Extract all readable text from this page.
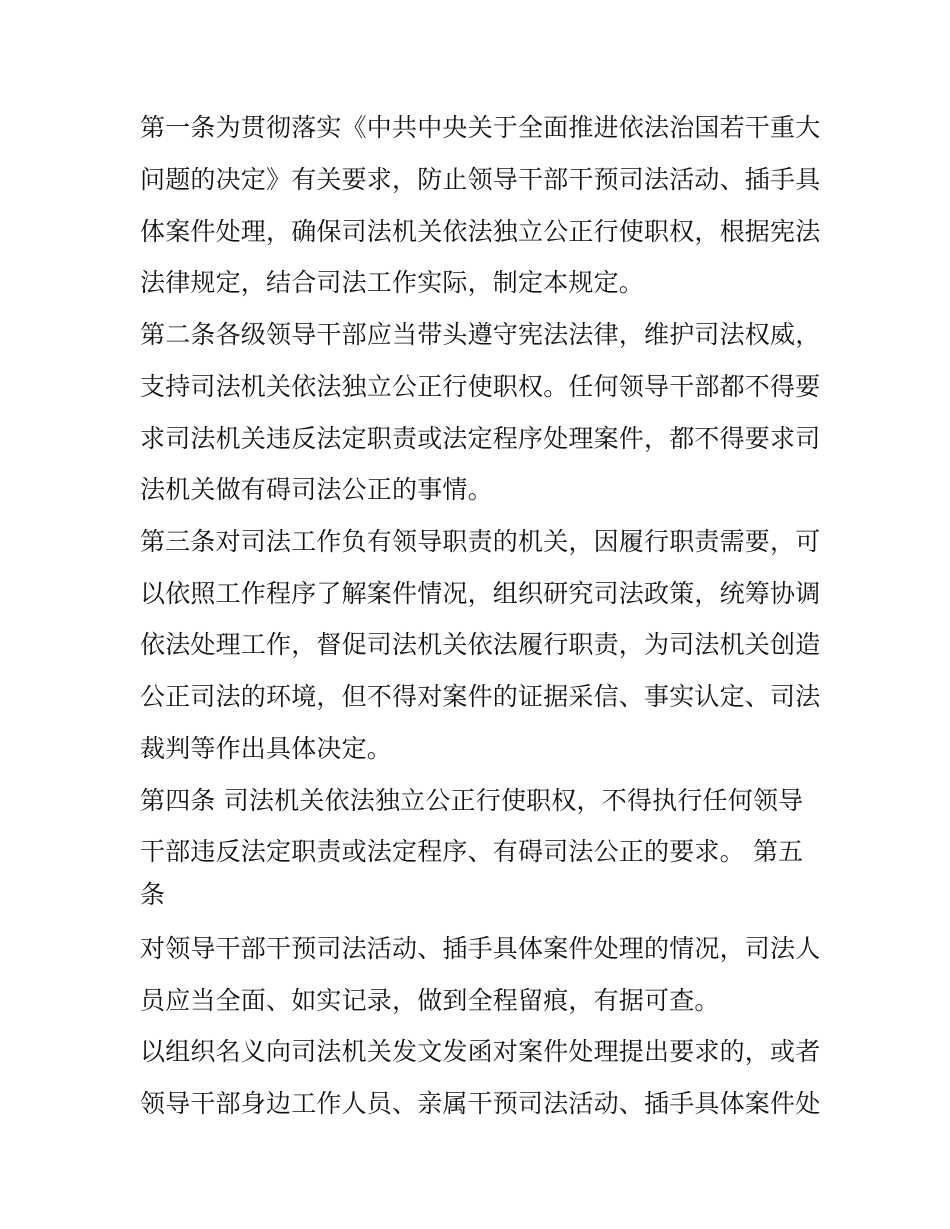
第一条为贯彻落实《中共中央关于全面推进依法治国若干重大
问题的决定》有关要求，防止领导干部干预司法活动、插手具
体案件处理，确保司法机关依法独立公正行使职权，根据宪法
法律规定，结合司法工作实际，制定本规定。
第二条各级领导干部应当带头遵守宪法法律，维护司法权威，
支持司法机关依法独立公正行使职权。任何领导干部都不得要
求司法机关违反法定职责或法定程序处理案件，都不得要求司
法机关做有碍司法公正的事情。
第三条对司法工作负有领导职责的机关，因履行职责需要，可
以依照工作程序了解案件情况，组织研究司法政策，统筹协调
依法处理工作，督促司法机关依法履行职责，为司法机关创造
公正司法的环境，但不得对案件的证据采信、事实认定、司法
裁判等作出具体决定。
第四条 司法机关依法独立公正行使职权，不得执行任何领导
干部违反法定职责或法定程序、有碍司法公正的要求。 第五
条
对领导干部干预司法活动、插手具体案件处理的情况，司法人
员应当全面、如实记录，做到全程留痕，有据可查。
以组织名义向司法机关发文发函对案件处理提出要求的，或者
领导干部身边工作人员、亲属干预司法活动、插手具体案件处
